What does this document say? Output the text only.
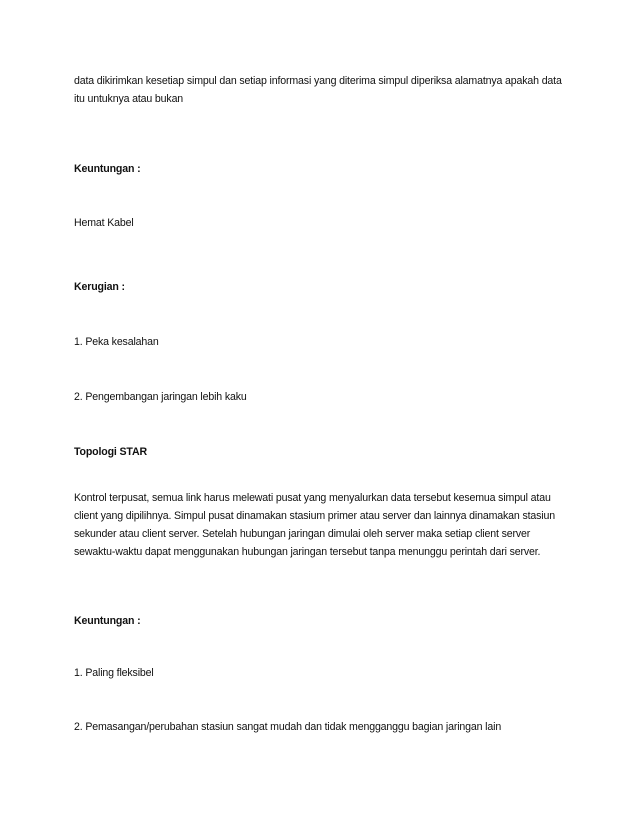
data dikirimkan kesetiap simpul dan setiap informasi yang diterima simpul diperiksa alamatnya apakah data itu untuknya atau bukan

Keuntungan :

Hemat Kabel

Kerugian :

1. Peka kesalahan

2. Pengembangan jaringan lebih kaku

Topologi STAR

Kontrol terpusat, semua link harus melewati pusat yang menyalurkan data tersebut kesemua simpul atau client yang dipilihnya. Simpul pusat dinamakan stasium primer atau server dan lainnya dinamakan stasiun sekunder atau client server. Setelah hubungan jaringan dimulai oleh server maka setiap client server sewaktu-waktu dapat menggunakan hubungan jaringan tersebut tanpa menunggu perintah dari server.

Keuntungan :

1. Paling fleksibel

2. Pemasangan/perubahan stasiun sangat mudah dan tidak mengganggu bagian jaringan lain
